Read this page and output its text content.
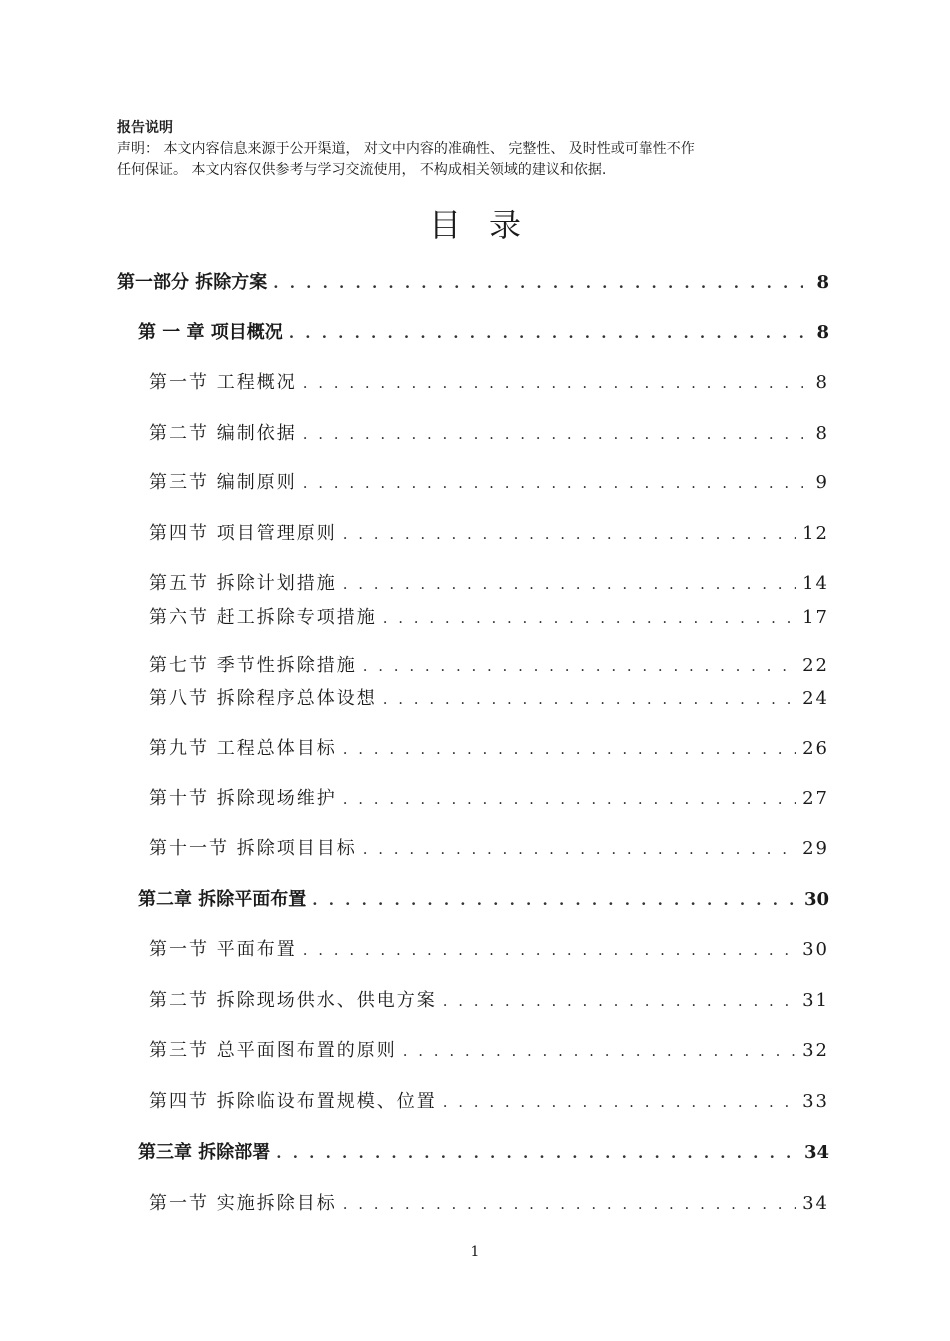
报告说明
声明： 本文内容信息来源于公开渠道， 对文中内容的准确性、 完整性、 及时性或可靠性不作
任何保证。 本文内容仅供参考与学习交流使用， 不构成相关领域的建议和依据.
目录
第一部分 拆除方案 . . .	8
第 一 章 项目概况 . . .	8
第一节 工程概况 . . .	8
第二节 编制依据 . . .	8
第三节 编制原则 . . .	9
第四节 项目管理原则 . . .	12
第五节 拆除计划措施 . . .	14
第六节 赶工拆除专项措施 . . .	17
第七节 季节性拆除措施 . . .	22
第八节 拆除程序总体设想 . . .	24
第九节 工程总体目标 . . .	26
第十节 拆除现场维护 . . .	27
第十一节 拆除项目目标 . . .	29
第二章 拆除平面布置 . . .	30
第一节 平面布置 . . .	30
第二节 拆除现场供水、供电方案 . . .	31
第三节 总平面图布置的原则 . . .	32
第四节 拆除临设布置规模、位置 . . .	33
第三章 拆除部署 . . .	34
第一节 实施拆除目标 . . .	34
1
